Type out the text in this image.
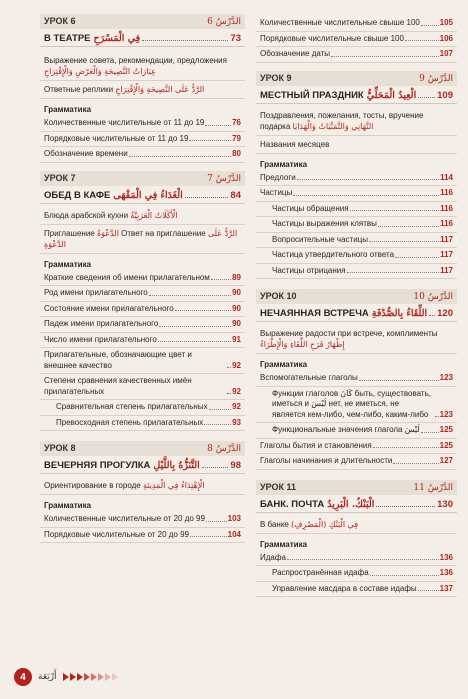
УРОК 6	الدَّرْسُ 6
В ТЕАТРЕ فِي الْمَسْرَحِ	73
Выражение совета, рекомендации, предложения عِبَارَاتُ النَّصِيحَةِ وَالْعَرْضِ وَالْإِقْتِرَاحِ
Ответные реплики الرَّدُّ عَلَى النَّصِيحَةِ وَالْإِقْتِرَاحِ
Грамматика
Количественные числительные от 11 до 19	76
Порядковые числительные от 11 до 19	79
Обозначение времени	80
УРОК 7	الدَّرْسُ 7
ОБЕД В КАФЕ الْغَدَاءُ فِي الْمَقْهَى	84
Блюда арабской кухни الْأَكَلَاتُ الْعَرَبِيَّةُ
Приглашение الدَّعْوَةُ Ответ на приглашение الرَّدُّ عَلَى الدَّعْوَةِ
Грамматика
Краткие сведения об имени прилагательном	89
Род имени прилагательного	90
Состояние имени прилагательного	90
Падеж имени прилагательного	90
Число имени прилагательного	91
Прилагательные, обозначающие цвет и внешнее качество	92
Степени сравнения качественных имён прилагательных	92
Сравнительная степень прилагательных	92
Превосходная степень прилагательных	93
УРОК 8	الدَّرْسُ 8
ВЕЧЕРНЯЯ ПРОГУЛКА التَّنَزُّهُ بِاللَّيْلِ	98
Ориентирование в городе الْإِهْتِدَاءُ فِي الْمَدِينَةِ
Грамматика
Количественные числительные от 20 до 99	103
Порядковые числительные от 20 до 99	104
Количественные числительные свыше 100 105
Порядковые числительные свыше 100	106
Обозначение даты	107
УРОК 9	الدَّرْسُ 9
МЕСТНЫЙ ПРАЗДНИК الْعِيدُ الْمَحَلِّيُّ 109
Поздравления, пожелания, тосты, вручение подарка التَّهَانِي وَالتَّمَنِّيَاتُ وَالْهَدَايَا
Названия месяцев
Грамматика
Предлоги	114
Частицы	116
Частицы обращения	116
Частицы выражения клятвы	116
Вопросительные частицы	117
Частица утвердительного ответа	117
Частицы отрицания	117
УРОК 10	الدَّرْسُ 10
НЕЧАЯННАЯ ВСТРЕЧА اللِّقَاءُ بِالصُّدْفَةِ 120
Выражение радости при встрече, комплименты إِظْهَارُ فَرَحِ اللِّقَاءِ وَالْإِطْرَاءُ
Грамматика
Вспомогательные глаголы	123
Функции глаголов كَانَ быть, существовать, иметься и لَيْسَ нет, не иметься, не является кем-либо, чем-либо, каким-либо	123
Функциональные значения глагола لَيْسَ 125
Глаголы бытия и становления	125
Глаголы начинания и длительности	127
УРОК 11	الدَّرْسُ 11
БАНК. ПОЧТА الْبَنْكُ. الْبَرِيدُ	130
В банке فِي الْبَنْكِ (الْمَصْرِفِ)
Грамматика
Идафа	136
Распространённая идафа	136
Управление масдара в составе идафы	137
4	أَرْبَعَة
